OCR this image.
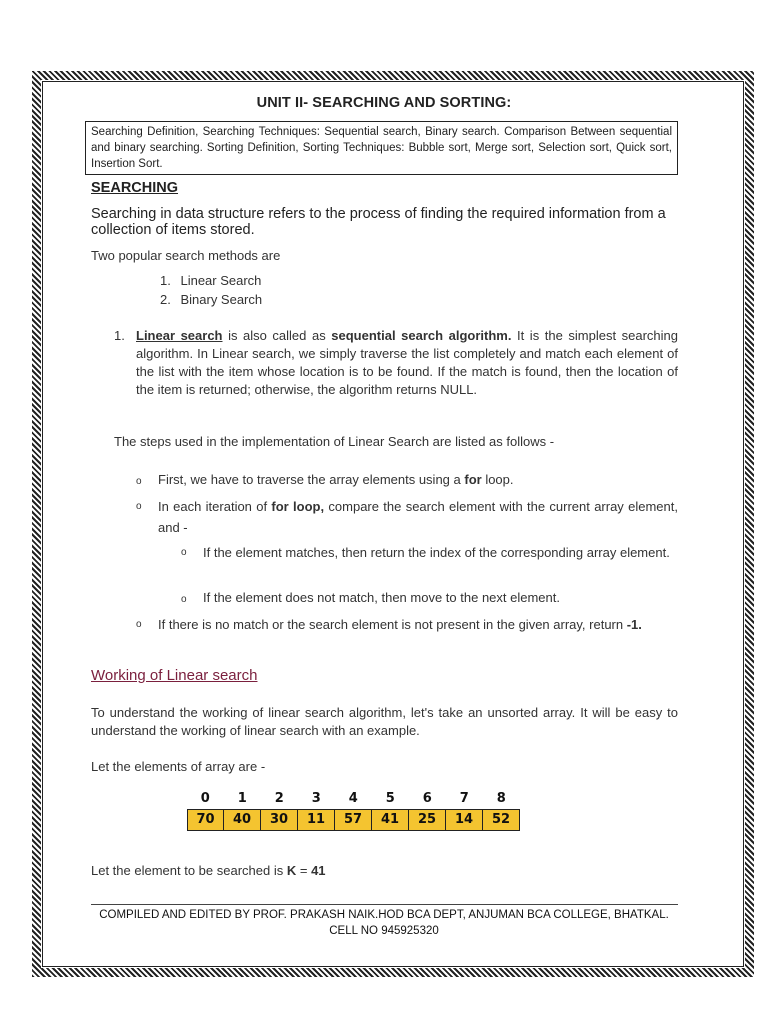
UNIT II- SEARCHING AND SORTING:
Searching Definition, Searching Techniques: Sequential search, Binary search. Comparison Between sequential and binary searching. Sorting Definition, Sorting Techniques: Bubble sort, Merge sort, Selection sort, Quick sort, Insertion Sort.
SEARCHING
Searching in data structure refers to the process of finding the required information from a collection of items stored.
Two popular search methods are
1. Linear Search
2. Binary Search
1. Linear search is also called as sequential search algorithm. It is the simplest searching algorithm. In Linear search, we simply traverse the list completely and match each element of the list with the item whose location is to be found. If the match is found, then the location of the item is returned; otherwise, the algorithm returns NULL.
The steps used in the implementation of Linear Search are listed as follows -
o First, we have to traverse the array elements using a for loop.
o In each iteration of for loop, compare the search element with the current array element, and -
o If the element matches, then return the index of the corresponding array element.
o If the element does not match, then move to the next element.
o If there is no match or the search element is not present in the given array, return -1.
Working of Linear search
To understand the working of linear search algorithm, let's take an unsorted array. It will be easy to understand the working of linear search with an example.
Let the elements of array are -
0	1	2	3	4	5	6	7	8
70	40	30	11	57	41	25	14	52
Let the element to be searched is K = 41
COMPILED AND EDITED BY PROF. PRAKASH NAIK.HOD BCA DEPT, ANJUMAN BCA COLLEGE, BHATKAL.
CELL NO 945925320
